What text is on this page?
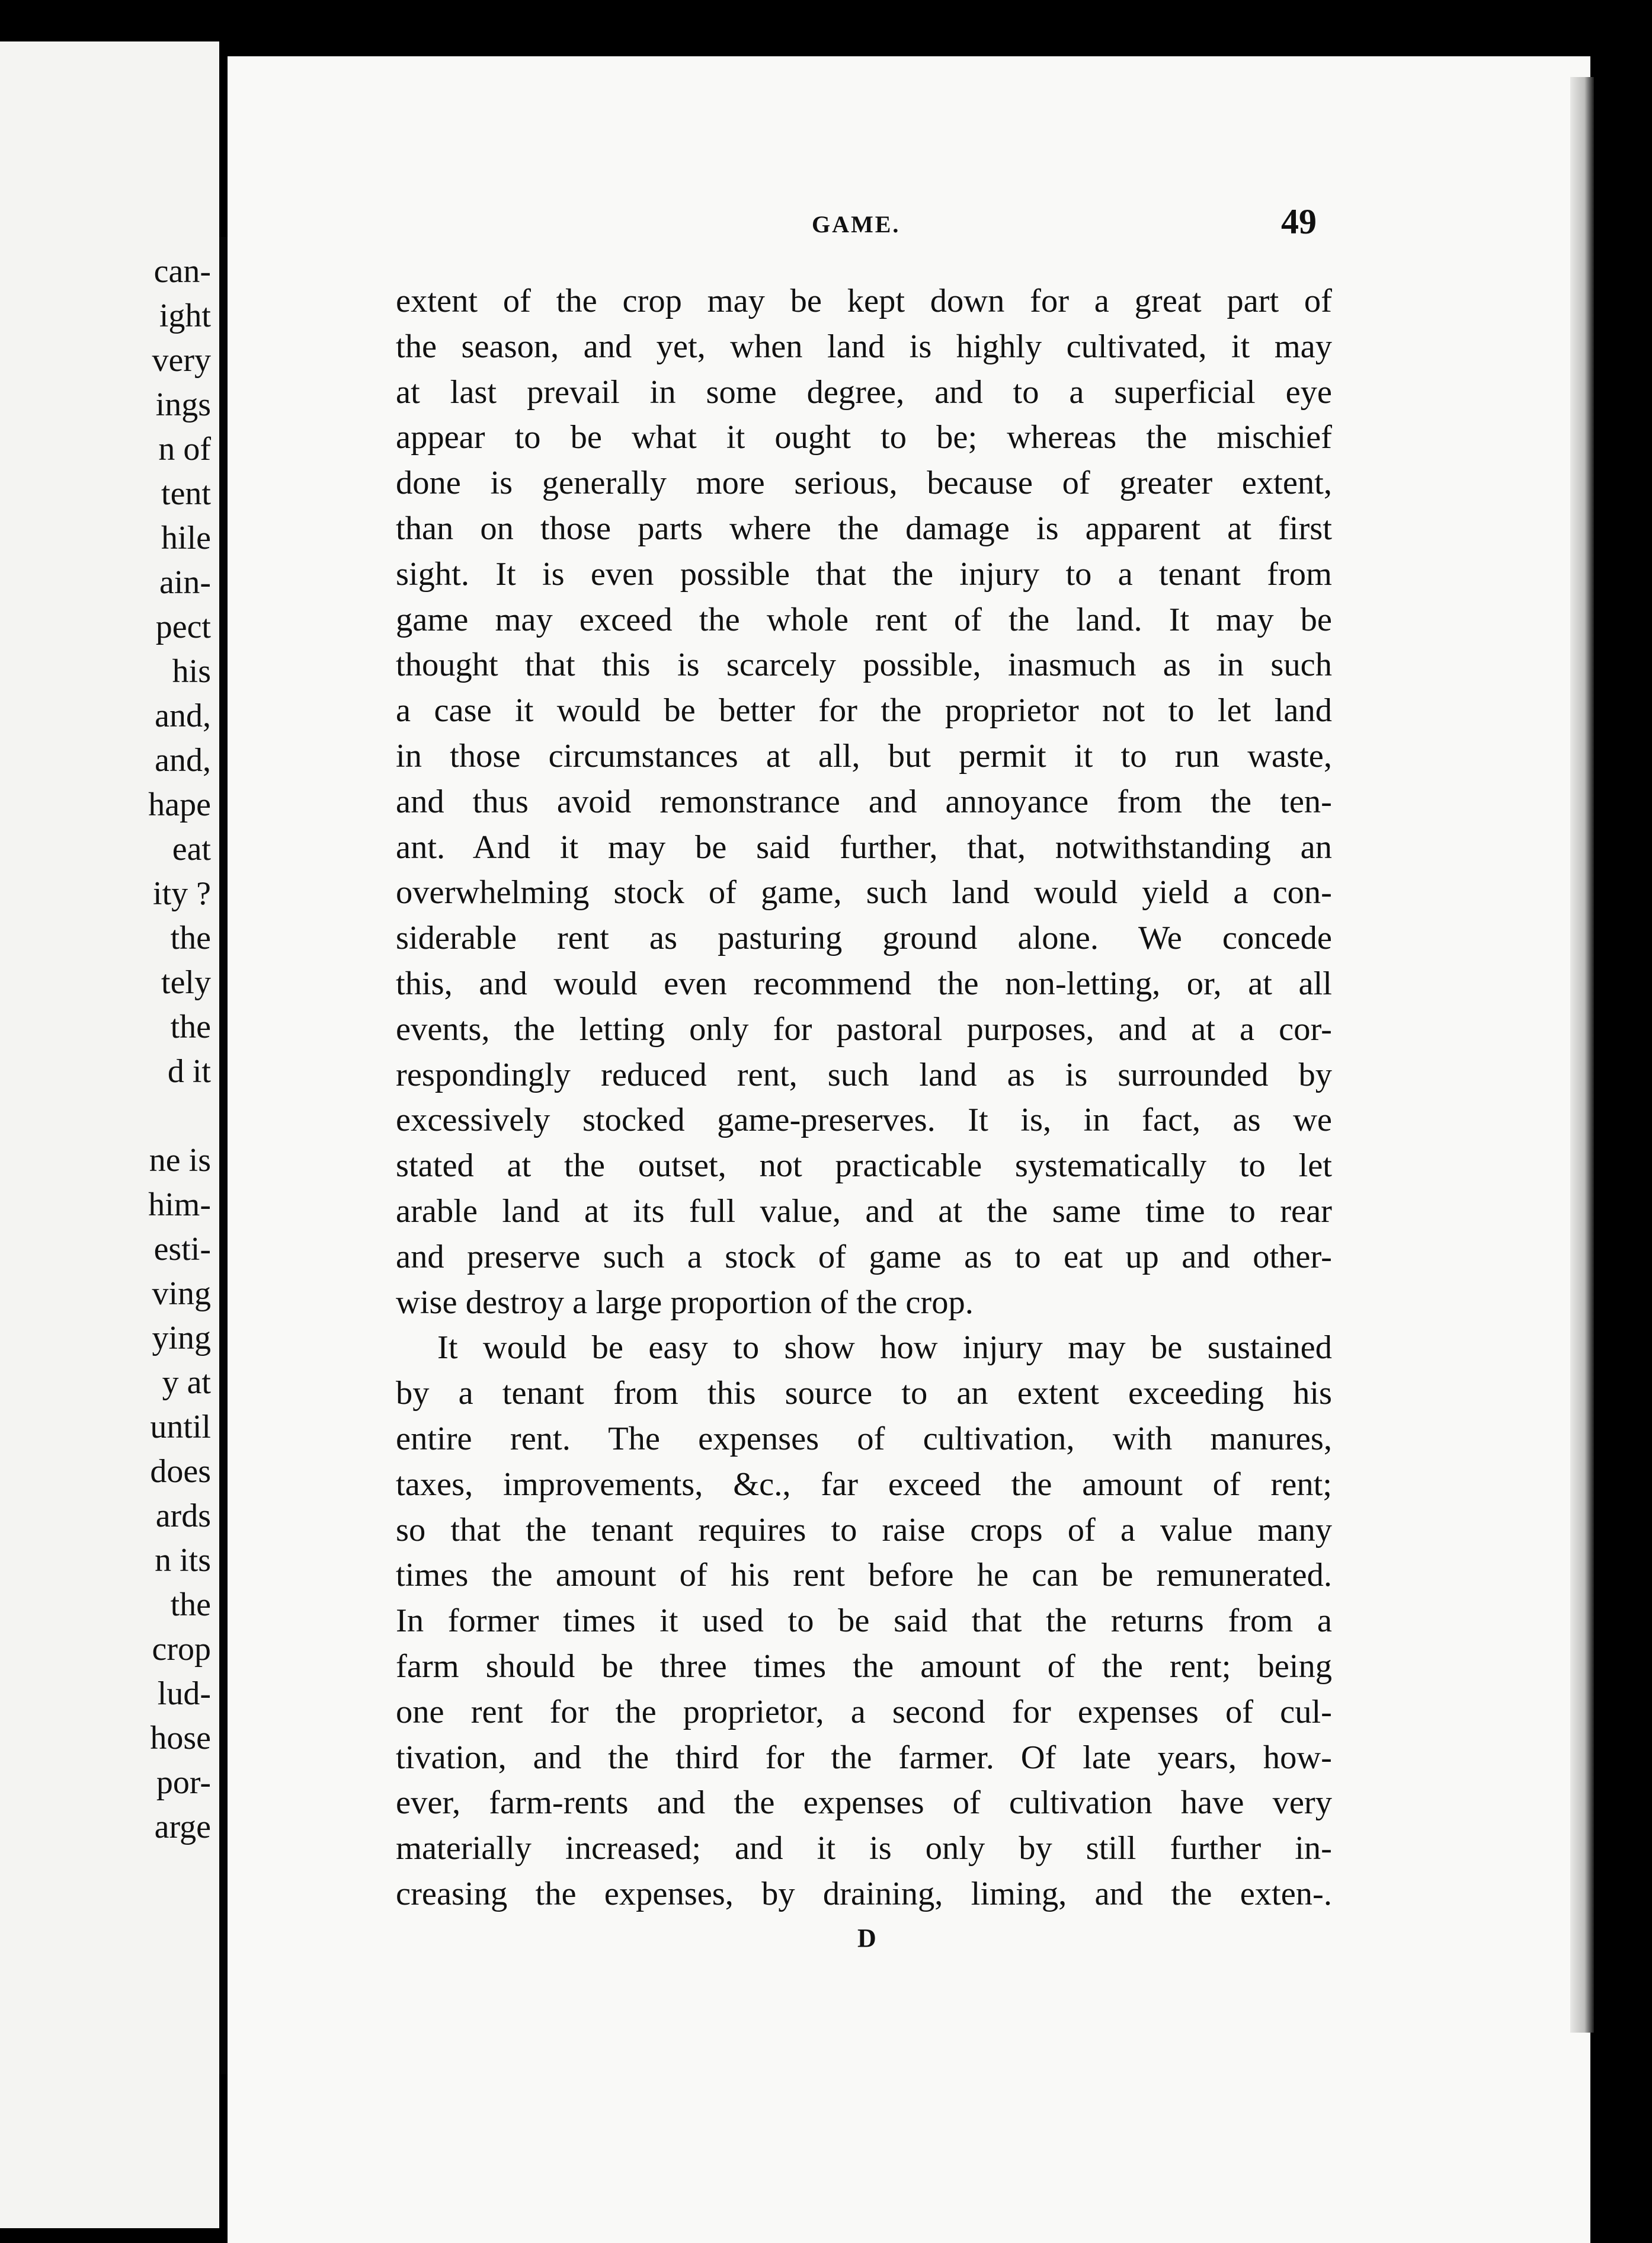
can-
ight
very
ings
n of
tent
hile
ain-
pect
his
and,
and,
hape
eat
ity ?
the
tely
the
d it
ne is
him-
esti-
ving
ying
y at
until
does
ards
n its
the
crop
lud-
hose
por-
arge
GAME.	49
extent of the crop may be kept down for a great part of
the season, and yet, when land is highly cultivated, it may
at last prevail in some degree, and to a superficial eye
appear to be what it ought to be; whereas the mischief
done is generally more serious, because of greater extent,
than on those parts where the damage is apparent at first
sight. It is even possible that the injury to a tenant from
game may exceed the whole rent of the land. It may be
thought that this is scarcely possible, inasmuch as in such
a case it would be better for the proprietor not to let land
in those circumstances at all, but permit it to run waste,
and thus avoid remonstrance and annoyance from the ten-
ant. And it may be said further, that, notwithstanding an
overwhelming stock of game, such land would yield a con-
siderable rent as pasturing ground alone. We concede
this, and would even recommend the non-letting, or, at all
events, the letting only for pastoral purposes, and at a cor-
respondingly reduced rent, such land as is surrounded by
excessively stocked game-preserves. It is, in fact, as we
stated at the outset, not practicable systematically to let
arable land at its full value, and at the same time to rear
and preserve such a stock of game as to eat up and other-
wise destroy a large proportion of the crop.
It would be easy to show how injury may be sustained
by a tenant from this source to an extent exceeding his
entire rent. The expenses of cultivation, with manures,
taxes, improvements, &c., far exceed the amount of rent;
so that the tenant requires to raise crops of a value many
times the amount of his rent before he can be remunerated.
In former times it used to be said that the returns from a
farm should be three times the amount of the rent; being
one rent for the proprietor, a second for expenses of cul-
tivation, and the third for the farmer. Of late years, how-
ever, farm-rents and the expenses of cultivation have very
materially increased; and it is only by still further in-
creasing the expenses, by draining, liming, and the exten-.
D
